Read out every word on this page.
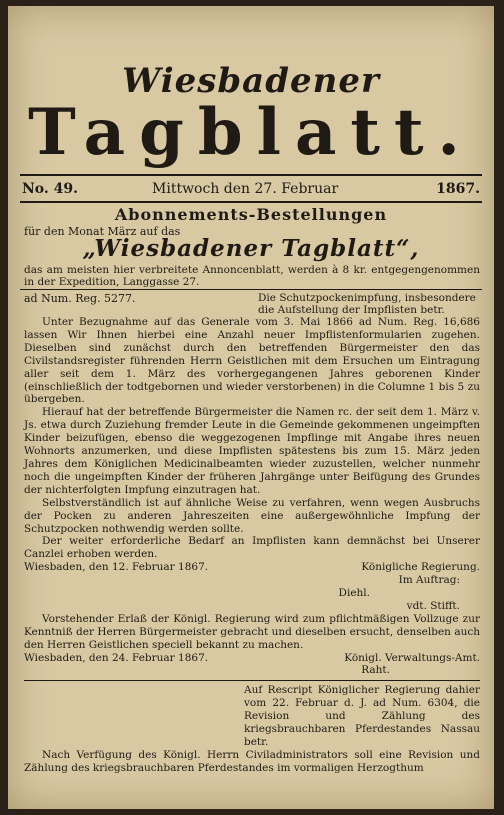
Wiesbadener
Tagblatt.
No. 49.	Mittwoch den 27. Februar	1867.
Abonnements-Bestellungen
für den Monat März auf das
„Wiesbadener Tagblatt“,
das am meisten hier verbreitete Annoncenblatt, werden à 8 kr. entgegengenommen in der Expedition, Langgasse 27.
ad Num. Reg. 5277.	Die Schutzpockenimpfung, insbesondere die Aufstellung der Impflisten betr.

Unter Bezugnahme auf das Generale vom 3. Mai 1866 ad Num. Reg. 16,686 lassen Wir Ihnen hierbei eine Anzahl neuer Impflistenformularien zugehen. Dieselben sind zunächst durch den betreffenden Bürgermeister den das Civilstandsregister führenden Herrn Geistlichen mit dem Ersuchen um Eintragung aller seit dem 1. März des vorhergegangenen Jahres geborenen Kinder (einschließlich der todtgebornen und wieder verstorbenen) in die Columne 1 bis 5 zu übergeben.

Hierauf hat der betreffende Bürgermeister die Namen rc. der seit dem 1. März v. Js. etwa durch Zuziehung fremder Leute in die Gemeinde gekommenen ungeimpften Kinder beizufügen, ebenso die weggezogenen Impflinge mit Angabe ihres neuen Wohnorts anzumerken, und diese Impflisten spätestens bis zum 15. März jeden Jahres dem Königlichen Medicinalbeamten wieder zuzustellen, welcher nunmehr noch die ungeimpften Kinder der früheren Jahrgänge unter Beifügung des Grundes der nichterfolgten Impfung einzutragen hat.

Selbstverständlich ist auf ähnliche Weise zu verfahren, wenn wegen Ausbruchs der Pocken zu anderen Jahreszeiten eine außergewöhnliche Impfung der Schutzpocken nothwendig werden sollte.

Der weiter erforderliche Bedarf an Impflisten kann demnächst bei Unserer Canzlei erhoben werden.

Wiesbaden, den 12. Februar 1867.	Königliche Regierung.

Im Auftrag:

Diehl.

vdt. Stifft.

Vorstehender Erlaß der Königl. Regierung wird zum pflichtmäßigen Vollzuge zur Kenntniß der Herren Bürgermeister gebracht und dieselben ersucht, denselben auch den Herren Geistlichen speciell bekannt zu machen.

Wiesbaden, den 24. Februar 1867.	Königl. Verwaltungs-Amt.

Raht.

Auf Rescript Königlicher Regierung dahier vom 22. Februar d. J. ad Num. 6304, die Revision und Zählung des kriegsbrauchbaren Pferdestandes Nassau betr.

Nach Verfügung des Königl. Herrn Civiladministrators soll eine Revision und Zählung des kriegsbrauchbaren Pferdestandes im vormaligen Herzogthum
